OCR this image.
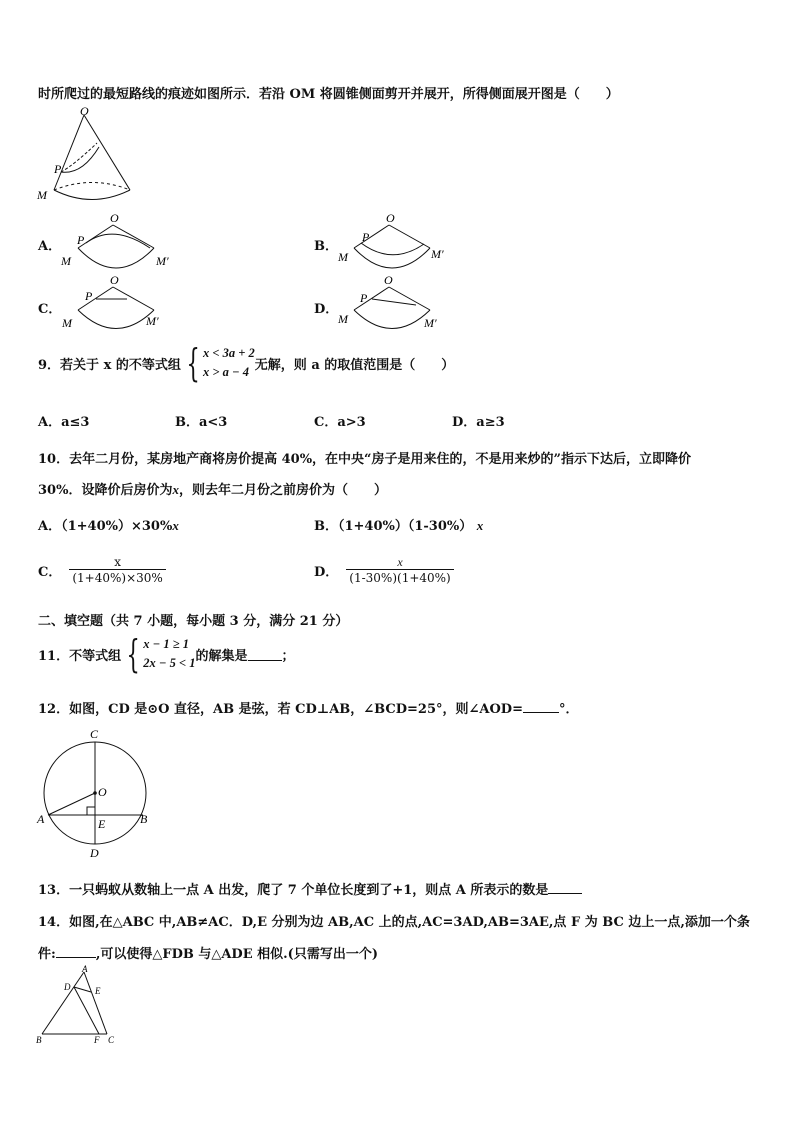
时所爬过的最短路线的痕迹如图所示．若沿 OM 将圆锥侧面剪开并展开，所得侧面展开图是（　　）
O
P
M
A．
O
P
M	M′
B．
O
P
M	M′
C．
O
P
M	M′
D．
O
P
M	M′
9．若关于 x 的不等式组 { x < 3a + 2
x > a − 4 无解，则 a 的取值范围是（　　）
A．a≤3	B．a<3	C．a>3	D．a≥3
10．去年二月份，某房地产商将房价提高 40%，在中央“房子是用来住的，不是用来炒的”指示下达后，立即降价
30%．设降价后房价为x，则去年二月份之前房价为（　　）
A．（1+40%）×30%x	B．（1+40%）（1-30%） x
C． $\frac{x}{(1+40\%)\times 30\%}$	D． $\frac{x}{(1-30\%)(1+40\%)}$
二、填空题（共 7 小题，每小题 3 分，满分 21 分）
11．不等式组 { x − 1 ≥ 1
2x − 5 < 1 的解集是	；
12．如图，CD 是⊙O 直径，AB 是弦，若 CD⊥AB，∠BCD=25°，则∠AOD=	°．
C
O
A	E	B
D
13．一只蚂蚁从数轴上一点 A 出发，爬了 7 个单位长度到了+1，则点 A 所表示的数是
14．如图,在△ABC 中,AB≠AC．D,E 分别为边 AB,AC 上的点,AC=3AD,AB=3AE,点 F 为 BC 边上一点,添加一个条
件:	,可以使得△FDB 与△ADE 相似.(只需写出一个)
A
D	E
B	F C
